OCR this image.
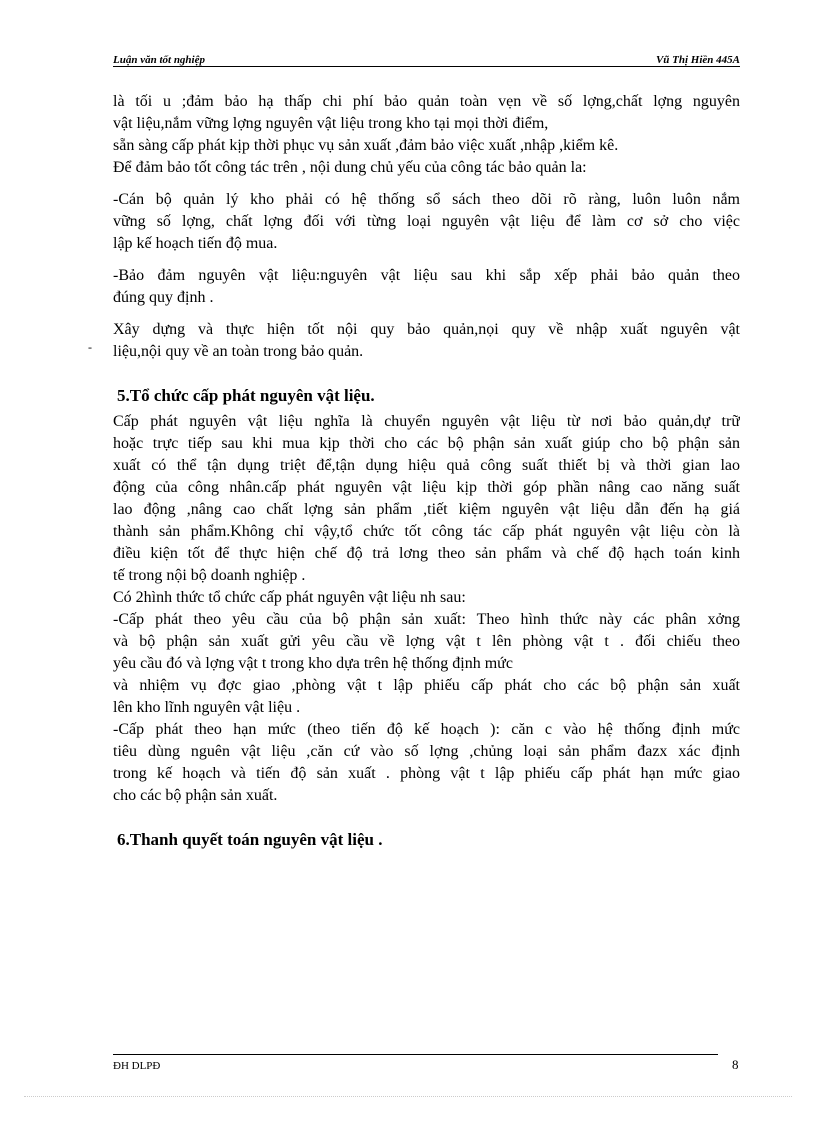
Luận văn tốt nghiệp	Vũ Thị Hiền 445A
-

là tối u ;đảm bảo hạ thấp chi phí bảo quản toàn vẹn về số lợng,chất lợng nguyên

vật liệu,nắm vững lợng nguyên vật liệu trong kho tại mọi thời điểm,

sẵn sàng cấp phát kịp thời phục vụ sản xuất ,đảm bảo việc xuất ,nhập ,kiểm kê.

Để đảm bảo tốt công tác trên , nội dung chủ yếu của công tác bảo quản la:

-Cán bộ quản lý kho phải có hệ thống sổ sách theo dõi rõ ràng, luôn luôn nắm

vững số lợng, chất lợng đối với từng loại nguyên vật liệu để làm cơ sở cho việc

lập kế hoạch tiến độ mua.

-Bảo đảm nguyên vật liệu:nguyên vật liệu sau khi sắp xếp phải bảo quản theo

đúng quy định .

Xây dựng và thực hiện tốt nội quy bảo quản,nọi quy về nhập xuất nguyên vật

liệu,nội quy về an toàn trong bảo quản.

5.Tổ chức cấp phát nguyên vật liệu.

Cấp phát nguyên vật liệu nghĩa là chuyển nguyên vật liệu từ nơi bảo quản,dự trữ

hoặc trực tiếp sau khi mua kịp thời cho các bộ phận sản xuất giúp cho bộ phận sản

xuất có thể tận dụng triệt để,tận dụng hiệu quả công suất thiết bị và thời gian lao

động của công nhân.cấp phát nguyên vật liệu kịp thời góp phần nâng cao năng suất

lao động ,nâng cao chất lợng sản phẩm ,tiết kiệm nguyên vật liệu dẫn đến hạ giá

thành sản phẩm.Không chỉ vậy,tổ chức tốt công tác cấp phát nguyên vật liệu còn là

điều kiện tốt để thực hiện chế độ trả lơng theo sản phẩm và chế độ hạch toán kinh

tế trong nội bộ doanh nghiệp .

Có 2hình thức tổ chức cấp phát nguyên vật liệu nh sau:

-Cấp phát theo yêu cầu của bộ phận sản xuất: Theo hình thức này các phân xởng

và bộ phận sản xuất gửi yêu cầu về lợng vật t lên phòng vật t . đối chiếu theo

yêu cầu đó và lợng vật t trong kho dựa trên hệ thống định mức

và nhiệm vụ đợc giao ,phòng vật t lập phiếu cấp phát cho các bộ phận sản xuất

lên kho lĩnh nguyên vật liệu .

-Cấp phát theo hạn mức (theo tiến độ kế hoạch ): căn c vào hệ thống định mức

tiêu dùng nguên vật liệu ,căn cứ vào số lợng ,chủng loại sản phẩm đazx xác định

trong kế hoạch và tiến độ sản xuất . phòng vật t lập phiếu cấp phát hạn mức giao

cho các bộ phận sản xuất.

6.Thanh quyết toán nguyên vật liệu .

ĐH DLPĐ	8
